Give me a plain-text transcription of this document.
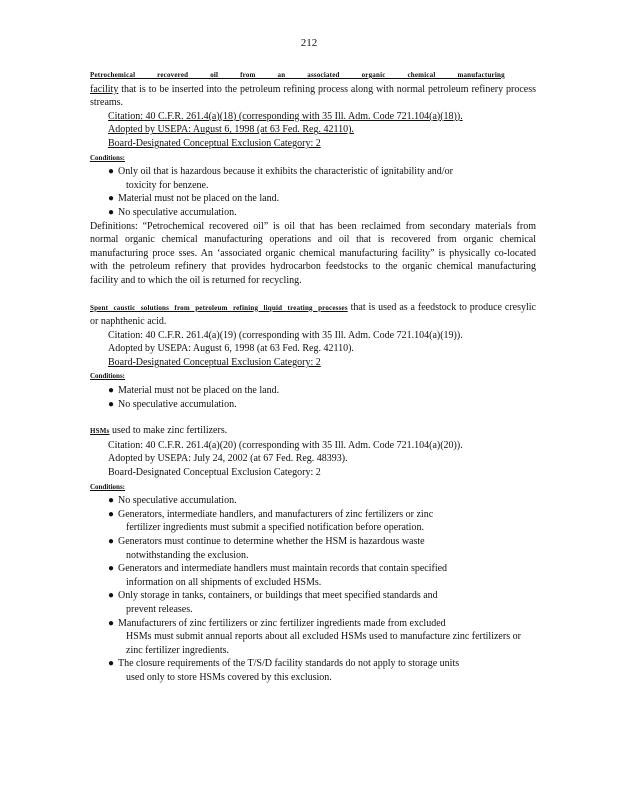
212

Petrochemical recovered oil from an associated organic chemical manufacturing
facility that is to be inserted into the petroleum refining process along with normal petroleum refinery process streams.

Citation: 40 C.F.R. 261.4(a)(18) (corresponding with 35 Ill. Adm. Code 721.104(a)(18)).

Adopted by USEPA: August 6, 1998 (at 63 Fed. Reg. 42110).

Board-Designated Conceptual Exclusion Category: 2

Conditions:

● Only oil that is hazardous because it exhibits the characteristic of ignitability and/or
toxicity for benzene.
● Material must not be placed on the land.
● No speculative accumulation.

Definitions: “Petrochemical recovered oil” is oil that has been reclaimed from secondary materials from normal organic chemical manufacturing operations and oil that is recovered from organic chemical manufacturing proce sses. An ‘associated organic chemical manufacturing facility” is physically co-located with the petroleum refinery that provides hydrocarbon feedstocks to the organic chemical manufacturing facility and to which the oil is returned for recycling.

Spent caustic solutions from petroleum refining liquid treating processes that is used as a feedstock to produce cresylic or naphthenic acid.

Citation: 40 C.F.R. 261.4(a)(19) (corresponding with 35 Ill. Adm. Code 721.104(a)(19)).

Adopted by USEPA: August 6, 1998 (at 63 Fed. Reg. 42110).

Board-Designated Conceptual Exclusion Category: 2

Conditions:

● Material must not be placed on the land.
● No speculative accumulation.

HSMs used to make zinc fertilizers.

Citation: 40 C.F.R. 261.4(a)(20) (corresponding with 35 Ill. Adm. Code 721.104(a)(20)).

Adopted by USEPA: July 24, 2002 (at 67 Fed. Reg. 48393).

Board-Designated Conceptual Exclusion Category: 2

Conditions:

● No speculative accumulation.
● Generators, intermediate handlers, and manufacturers of zinc fertilizers or zinc
fertilizer ingredients must submit a specified notification before operation.
● Generators must continue to determine whether the HSM is hazardous waste
notwithstanding the exclusion.
● Generators and intermediate handlers must maintain records that contain specified
information on all shipments of excluded HSMs.
● Only storage in tanks, containers, or buildings that meet specified standards and
prevent releases.
● Manufacturers of zinc fertilizers or zinc fertilizer ingredients made from excluded
HSMs must submit annual reports about all excluded HSMs used to manufacture zinc fertilizers or zinc fertilizer ingredients.
● The closure requirements of the T/S/D facility standards do not apply to storage units
used only to store HSMs covered by this exclusion.
